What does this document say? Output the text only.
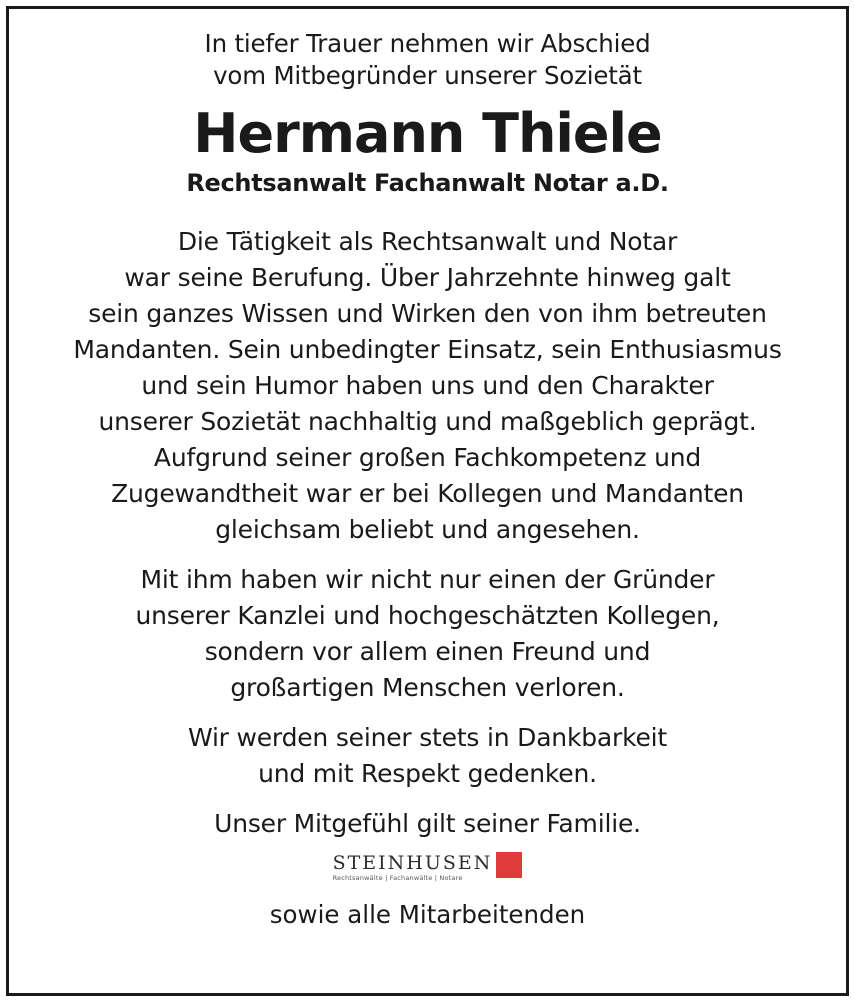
In tiefer Trauer nehmen wir Abschied
vom Mitbegründer unserer Sozietät
Hermann Thiele
Rechtsanwalt Fachanwalt Notar a.D.
Die Tätigkeit als Rechtsanwalt und Notar
war seine Berufung. Über Jahrzehnte hinweg galt
sein ganzes Wissen und Wirken den von ihm betreuten
Mandanten. Sein unbedingter Einsatz, sein Enthusiasmus
und sein Humor haben uns und den Charakter
unserer Sozietät nachhaltig und maßgeblich geprägt.
Aufgrund seiner großen Fachkompetenz und
Zugewandtheit war er bei Kollegen und Mandanten
gleichsam beliebt und angesehen.
Mit ihm haben wir nicht nur einen der Gründer
unserer Kanzlei und hochgeschätzten Kollegen,
sondern vor allem einen Freund und
großartigen Menschen verloren.
Wir werden seiner stets in Dankbarkeit
und mit Respekt gedenken.
Unser Mitgefühl gilt seiner Familie.
STEINHUSEN
Rechtsanwälte | Fachanwälte | Notare
sowie alle Mitarbeitenden
